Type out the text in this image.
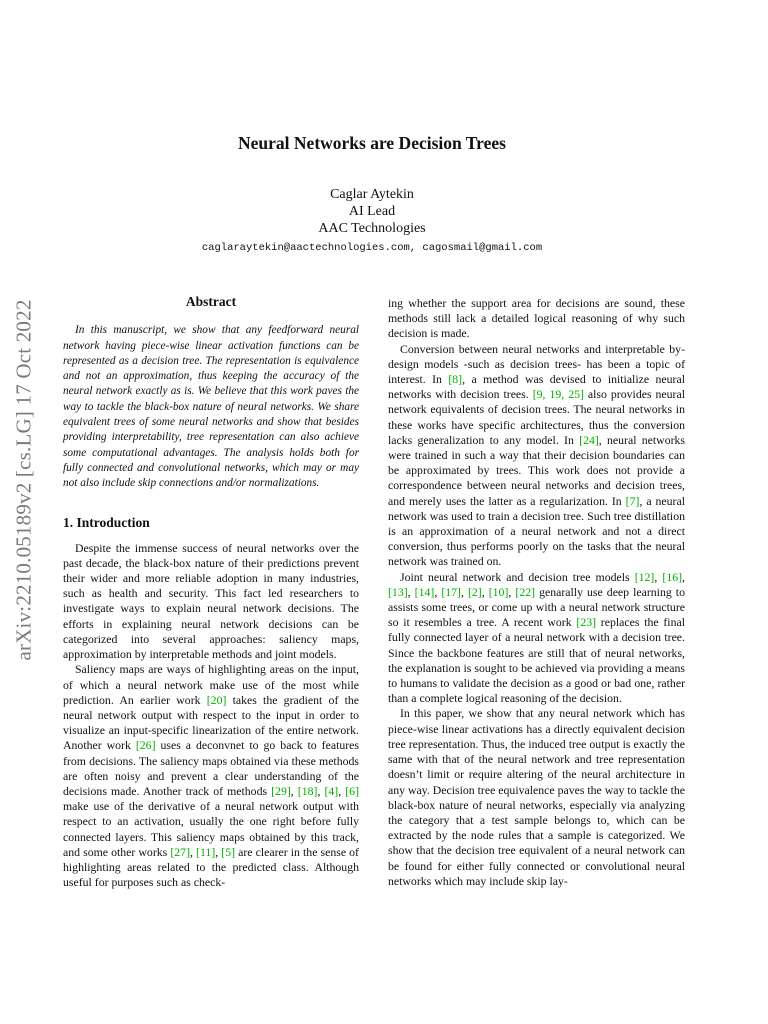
Neural Networks are Decision Trees
Caglar Aytekin
AI Lead
AAC Technologies
caglaraytekin@aactechnologies.com, cagosmail@gmail.com
arXiv:2210.05189v2 [cs.LG] 17 Oct 2022	Abstract

In this manuscript, we show that any feedforward neural network having piece-wise linear activation functions can be represented as a decision tree. The representation is equivalence and not an approximation, thus keeping the accuracy of the neural network exactly as is. We believe that this work paves the way to tackle the black-box nature of neural networks. We share equivalent trees of some neural networks and show that besides providing interpretability, tree representation can also achieve some computational advantages. The analysis holds both for fully connected and convolutional networks, which may or may not also include skip connections and/or normalizations.

1. Introduction

Despite the immense success of neural networks over the past decade, the black-box nature of their predictions prevent their wider and more reliable adoption in many industries, such as health and security. This fact led researchers to investigate ways to explain neural network decisions. The efforts in explaining neural network decisions can be categorized into several approaches: saliency maps, approximation by interpretable methods and joint models.

Saliency maps are ways of highlighting areas on the input, of which a neural network make use of the most while prediction. An earlier work [20] takes the gradient of the neural network output with respect to the input in order to visualize an input-specific linearization of the entire network. Another work [26] uses a deconvnet to go back to features from decisions. The saliency maps obtained via these methods are often noisy and prevent a clear understanding of the decisions made. Another track of methods [29], [18], [4], [6] make use of the derivative of a neural network output with respect to an activation, usually the one right before fully connected layers. This saliency maps obtained by this track, and some other works [27], [11], [5] are clearer in the sense of highlighting areas related to the predicted class. Although useful for purposes such as check-

ing whether the support area for decisions are sound, these methods still lack a detailed logical reasoning of why such decision is made.

Conversion between neural networks and interpretable by-design models -such as decision trees- has been a topic of interest. In [8], a method was devised to initialize neural networks with decision trees. [9, 19, 25] also provides neural network equivalents of decision trees. The neural networks in these works have specific architectures, thus the conversion lacks generalization to any model. In [24], neural networks were trained in such a way that their decision boundaries can be approximated by trees. This work does not provide a correspondence between neural networks and decision trees, and merely uses the latter as a regularization. In [7], a neural network was used to train a decision tree. Such tree distillation is an approximation of a neural network and not a direct conversion, thus performs poorly on the tasks that the neural network was trained on.

Joint neural network and decision tree models [12], [16], [13], [14], [17], [2], [10], [22] genarally use deep learning to assists some trees, or come up with a neural network structure so it resembles a tree. A recent work [23] replaces the final fully connected layer of a neural network with a decision tree. Since the backbone features are still that of neural networks, the explanation is sought to be achieved via providing a means to humans to validate the decision as a good or bad one, rather than a complete logical reasoning of the decision.

In this paper, we show that any neural network which has piece-wise linear activations has a directly equivalent decision tree representation. Thus, the induced tree output is exactly the same with that of the neural network and tree representation doesn’t limit or require altering of the neural architecture in any way. Decision tree equivalence paves the way to tackle the black-box nature of neural networks, especially via analyzing the category that a test sample belongs to, which can be extracted by the node rules that a sample is categorized. We show that the decision tree equivalent of a neural network can be found for either fully connected or convolutional neural networks which may include skip lay-
